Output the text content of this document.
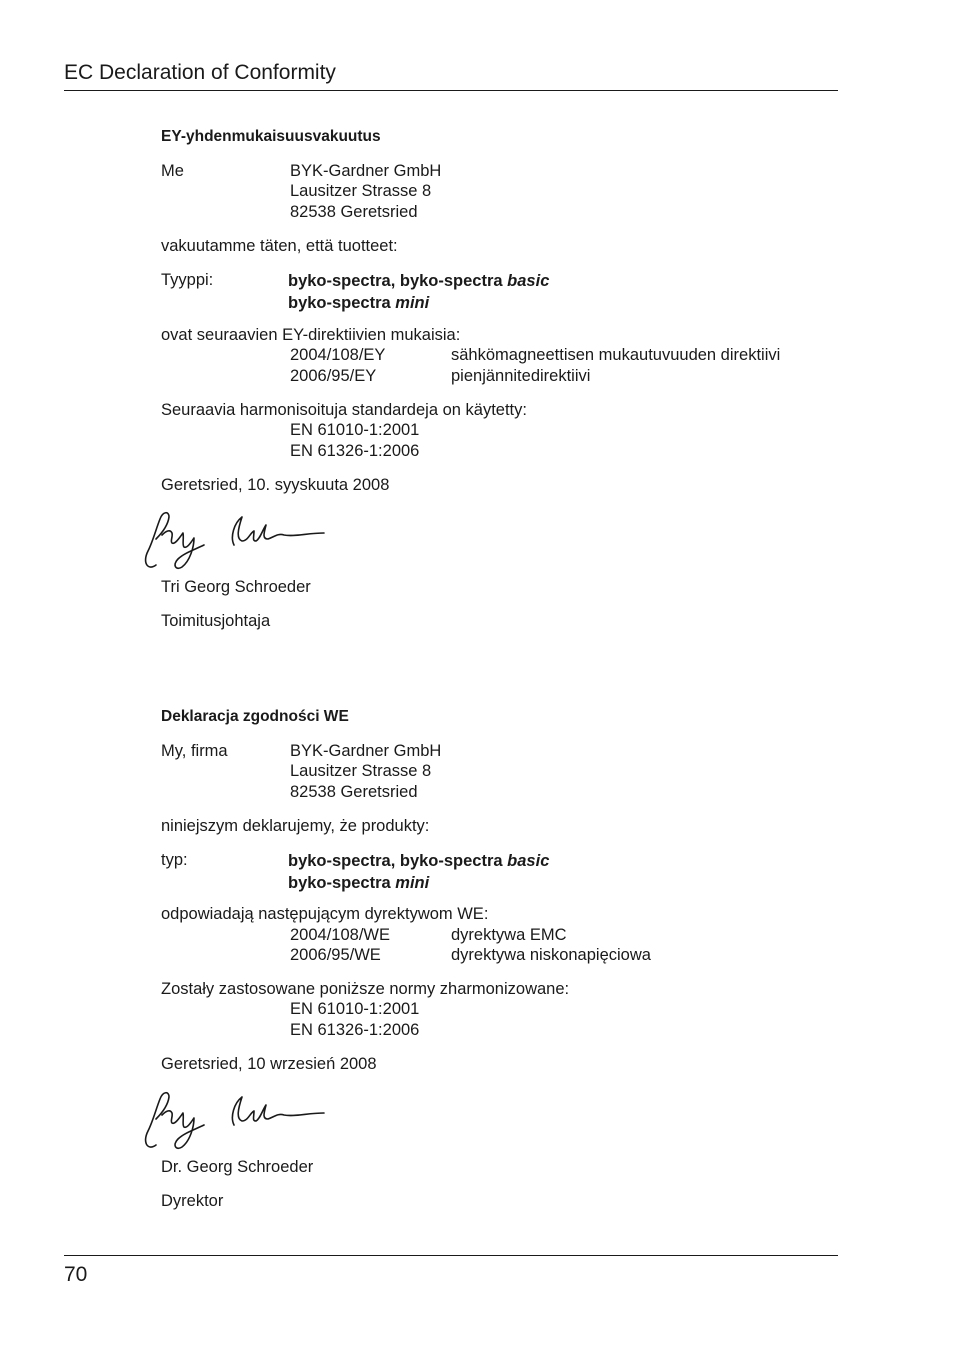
EC Declaration of Conformity
EY-yhdenmukaisuusvakuutus
Me	BYK-Gardner GmbH
Lausitzer Strasse 8
82538 Geretsried
vakuutamme täten, että tuotteet:
Tyyppi:	byko-spectra, byko-spectra basic
byko-spectra mini
ovat seuraavien EY-direktiivien mukaisia:
2004/108/EY	sähkömagneettisen mukautuvuuden direktiivi
2006/95/EY	pienjännitedirektiivi
Seuraavia harmonisoituja standardeja on käytetty:
EN 61010-1:2001
EN 61326-1:2006
Geretsried, 10. syyskuuta 2008
Tri Georg Schroeder
Toimitusjohtaja
Deklaracja zgodności WE
My, firma	BYK-Gardner GmbH
Lausitzer Strasse 8
82538 Geretsried
niniejszym deklarujemy, że produkty:
typ:	byko-spectra, byko-spectra basic
byko-spectra mini
odpowiadają następującym dyrektywom WE:
2004/108/WE	dyrektywa EMC
2006/95/WE	dyrektywa niskonapięciowa
Zostały zastosowane poniższe normy zharmonizowane:
EN 61010-1:2001
EN 61326-1:2006
Geretsried, 10 wrzesień 2008
Dr. Georg Schroeder
Dyrektor
70
